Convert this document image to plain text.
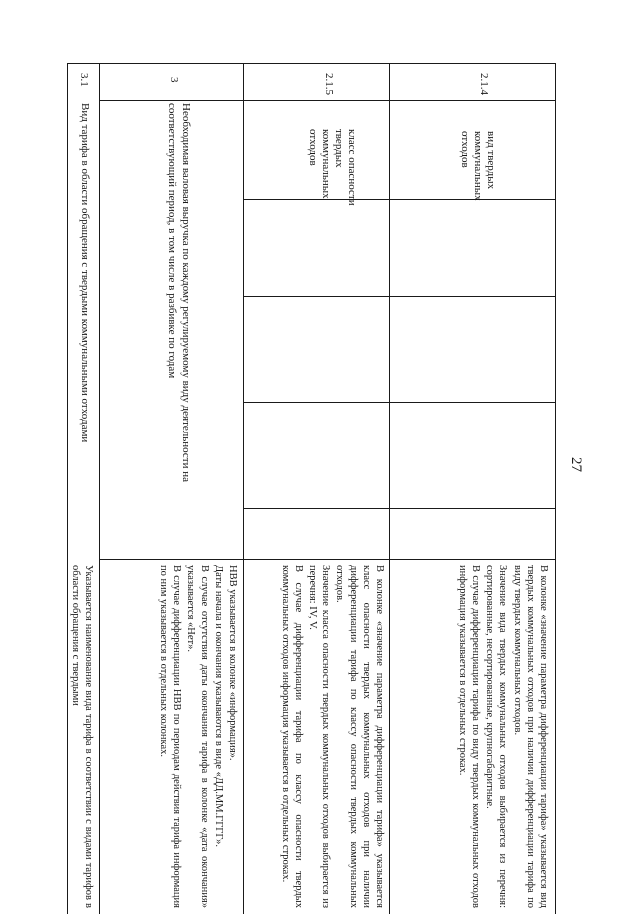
27
2.1.4
вид твердых
коммунальных
отходов

В колонке «значение параметра дифференциации тарифа» указывается вид твердых коммунальных отходов при наличии дифференциации тарифа по виду твердых коммунальных отходов.

Значение вида твердых коммунальных отходов выбирается из перечня: сортированные, несортированные, крупногабаритные.

В случае дифференциации тарифа по виду твердых коммунальных отходов информация указывается в отдельных строках.

2.1.5
класс опасности
твердых
коммунальных
отходов

В колонке «значение параметра дифференциации тарифа» указывается класс опасности твердых коммунальных отходов при наличии дифференциации тарифа по классу опасности твердых коммунальных отходов.

Значение класса опасности твердых коммунальных отходов выбирается из перечня: IV, V.

В случае дифференциации тарифа по классу опасности твердых коммунальных отходов информация указывается в отдельных строках.

3
Необходимая валовая выручка по каждому регулируемому виду деятельности на соответствующий период, в том числе в разбивке по годам

НВВ указывается в колонке «информация».

Даты начала и окончания указываются в виде «ДД.ММ.ГГГГ».

В случае отсутствия даты окончания тарифа в колонке «дата окончания» указывается «Нет».

В случае дифференциации НВВ по периодам действия тарифа информация по ним указывается в отдельных колонках.

3.1
Вид тарифа в области обращения с твердыми коммунальными отходами

Указывается наименование вида тарифа в соответствии с видами тарифов в области обращения с твердыми
